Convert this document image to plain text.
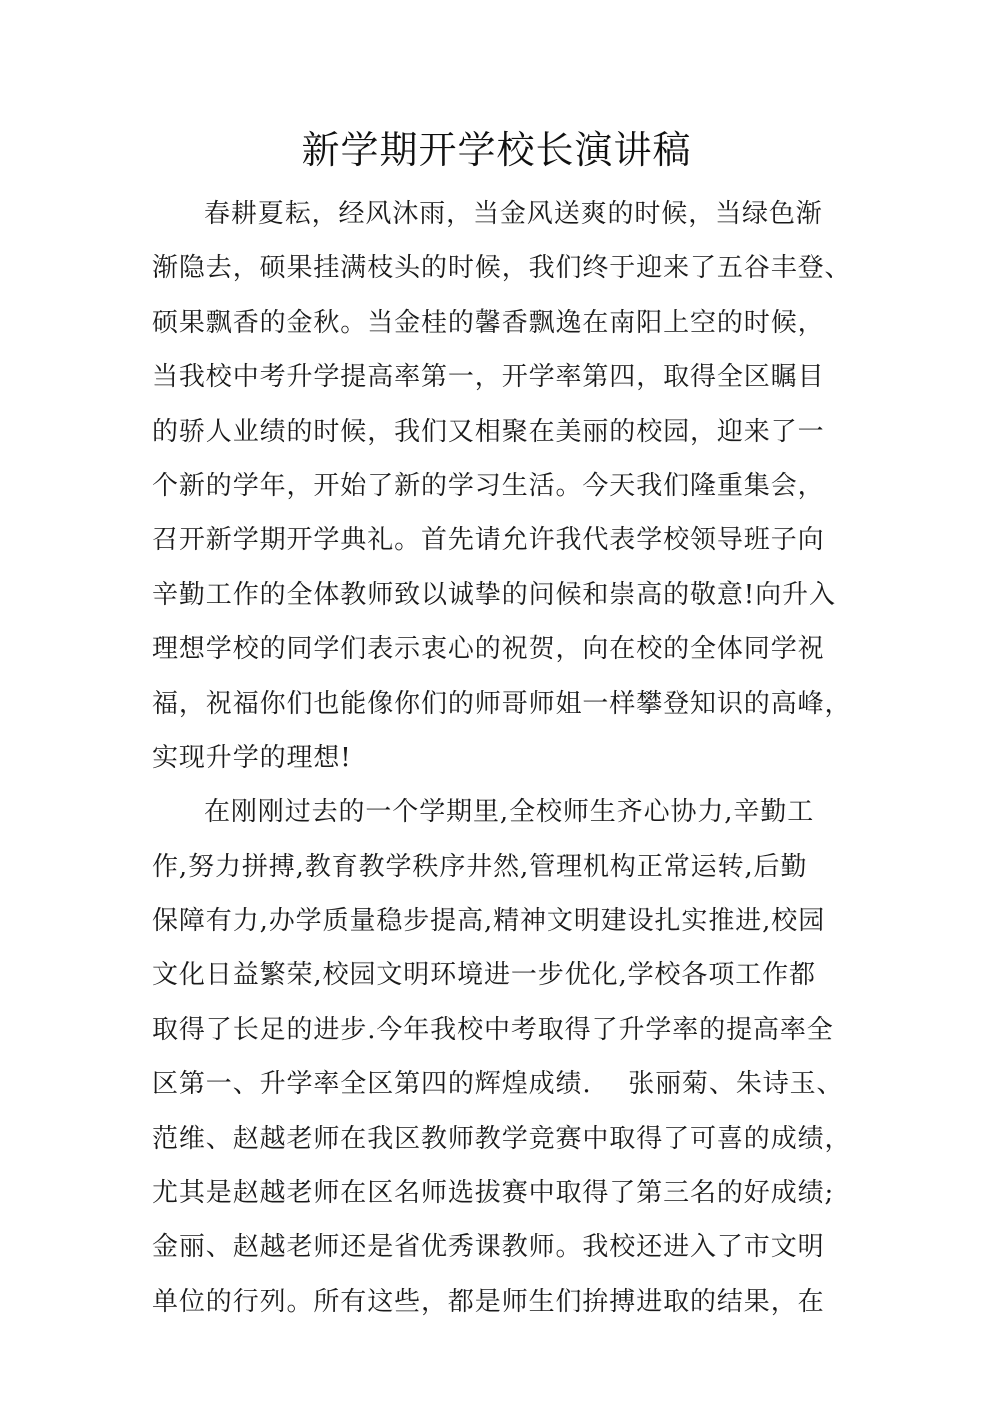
新学期开学校长演讲稿
春耕夏耘，经风沐雨，当金风送爽的时候，当绿色渐
渐隐去，硕果挂满枝头的时候，我们终于迎来了五谷丰登、
硕果飘香的金秋。当金桂的馨香飘逸在南阳上空的时候，
当我校中考升学提高率第一，开学率第四，取得全区瞩目
的骄人业绩的时候，我们又相聚在美丽的校园，迎来了一
个新的学年，开始了新的学习生活。今天我们隆重集会，
召开新学期开学典礼。首先请允许我代表学校领导班子向
辛勤工作的全体教师致以诚挚的问候和崇高的敬意!向升入
理想学校的同学们表示衷心的祝贺，向在校的全体同学祝
福，祝福你们也能像你们的师哥师姐一样攀登知识的高峰，
实现升学的理想!
在刚刚过去的一个学期里,全校师生齐心协力,辛勤工
作,努力拼搏,教育教学秩序井然,管理机构正常运转,后勤
保障有力,办学质量稳步提高,精神文明建设扎实推进,校园
文化日益繁荣,校园文明环境进一步优化,学校各项工作都
取得了长足的进步.今年我校中考取得了升学率的提高率全
区第一、升学率全区第四的辉煌成绩.    张丽菊、朱诗玉、
范维、赵越老师在我区教师教学竞赛中取得了可喜的成绩，
尤其是赵越老师在区名师选拔赛中取得了第三名的好成绩;
金丽、赵越老师还是省优秀课教师。我校还进入了市文明
单位的行列。所有这些，都是师生们拚搏进取的结果，在
